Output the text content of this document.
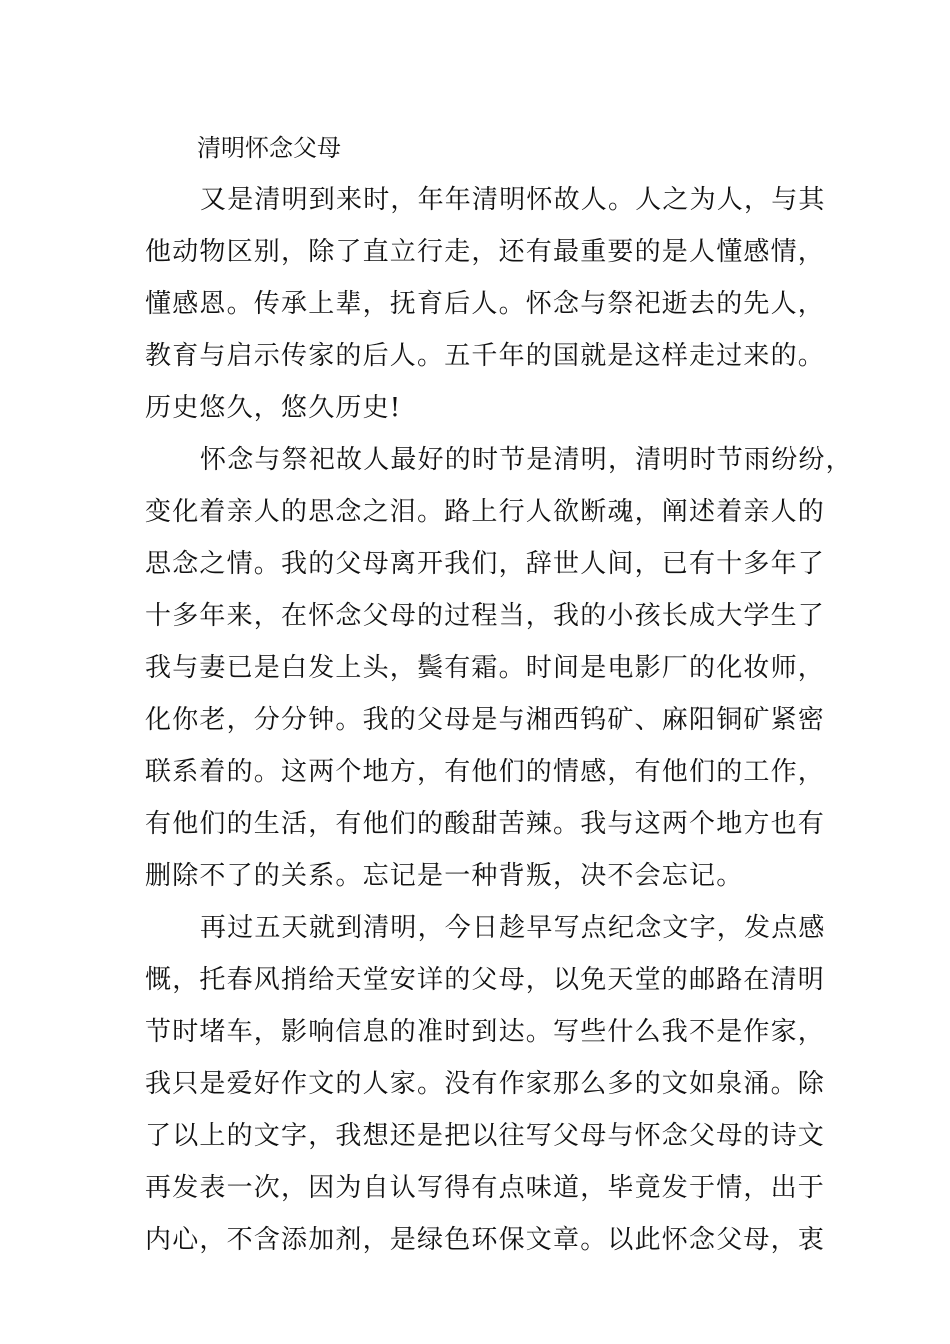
清明怀念父母
又是清明到来时，年年清明怀故人。人之为人，与其
他动物区别，除了直立行走，还有最重要的是人懂感情，
懂感恩。传承上辈，抚育后人。怀念与祭祀逝去的先人，
教育与启示传家的后人。五千年的国就是这样走过来的。
历史悠久，悠久历史!
怀念与祭祀故人最好的时节是清明，清明时节雨纷纷，
变化着亲人的思念之泪。路上行人欲断魂，阐述着亲人的
思念之情。我的父母离开我们，辞世人间，已有十多年了
十多年来，在怀念父母的过程当，我的小孩长成大学生了
我与妻已是白发上头，鬓有霜。时间是电影厂的化妆师，
化你老，分分钟。我的父母是与湘西钨矿、麻阳铜矿紧密
联系着的。这两个地方，有他们的情感，有他们的工作，
有他们的生活，有他们的酸甜苦辣。我与这两个地方也有
删除不了的关系。忘记是一种背叛，决不会忘记。
再过五天就到清明，今日趁早写点纪念文字，发点感
慨，托春风捎给天堂安详的父母，以免天堂的邮路在清明
节时堵车，影响信息的准时到达。写些什么我不是作家，
我只是爱好作文的人家。没有作家那么多的文如泉涌。除
了以上的文字，我想还是把以往写父母与怀念父母的诗文
再发表一次，因为自认写得有点味道，毕竟发于情，出于
内心，不含添加剂，是绿色环保文章。以此怀念父母，衷
